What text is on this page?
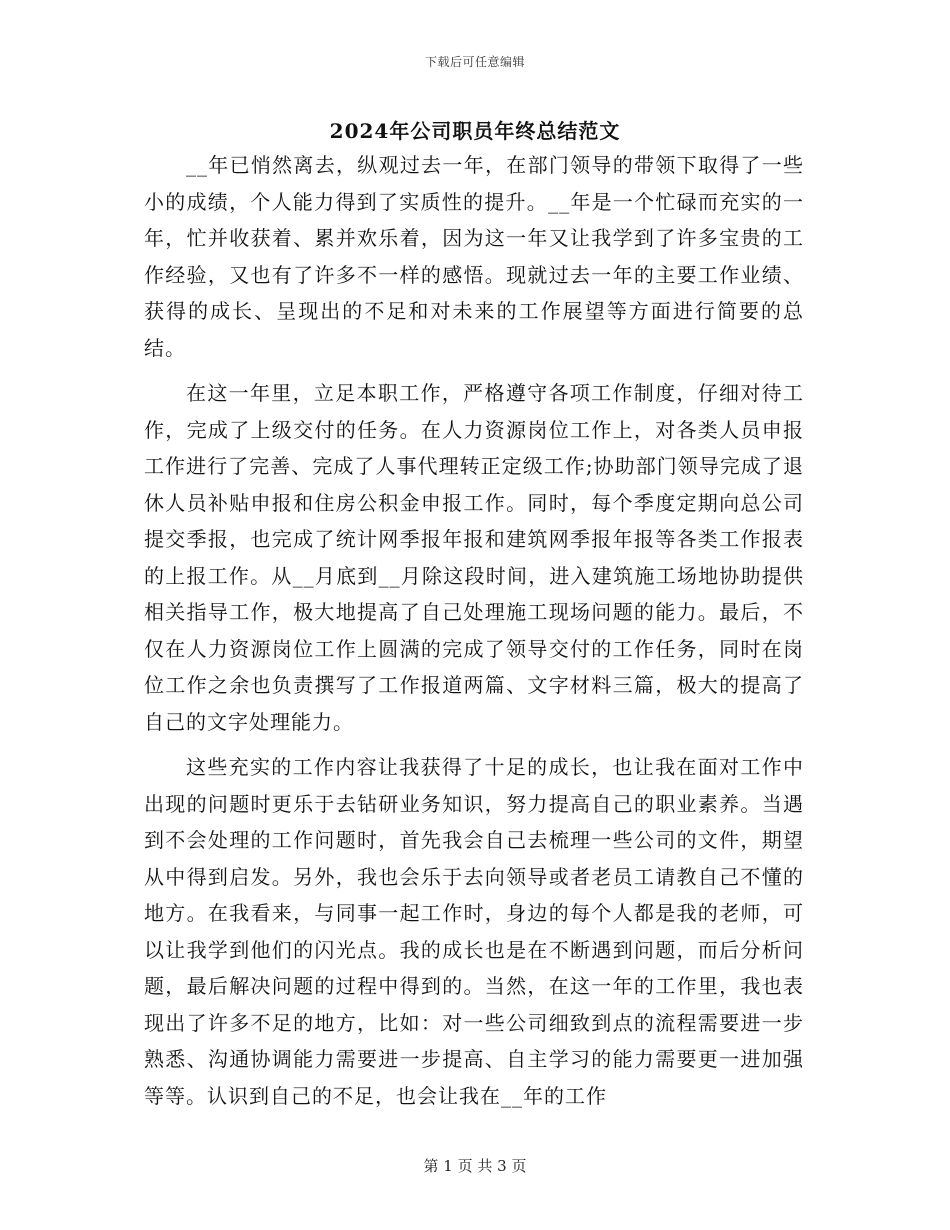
下载后可任意编辑
2024年公司职员年终总结范文

__年已悄然离去，纵观过去一年，在部门领导的带领下取得了一些小的成绩，个人能力得到了实质性的提升。__年是一个忙碌而充实的一年，忙并收获着、累并欢乐着，因为这一年又让我学到了许多宝贵的工作经验，又也有了许多不一样的感悟。现就过去一年的主要工作业绩、获得的成长、呈现出的不足和对未来的工作展望等方面进行简要的总结。

在这一年里，立足本职工作，严格遵守各项工作制度，仔细对待工作，完成了上级交付的任务。在人力资源岗位工作上，对各类人员申报工作进行了完善、完成了人事代理转正定级工作;协助部门领导完成了退休人员补贴申报和住房公积金申报工作。同时，每个季度定期向总公司提交季报，也完成了统计网季报年报和建筑网季报年报等各类工作报表的上报工作。从__月底到__月除这段时间，进入建筑施工场地协助提供相关指导工作，极大地提高了自己处理施工现场问题的能力。最后，不仅在人力资源岗位工作上圆满的完成了领导交付的工作任务，同时在岗位工作之余也负责撰写了工作报道两篇、文字材料三篇，极大的提高了自己的文字处理能力。

这些充实的工作内容让我获得了十足的成长，也让我在面对工作中出现的问题时更乐于去钻研业务知识，努力提高自己的职业素养。当遇到不会处理的工作问题时，首先我会自己去梳理一些公司的文件，期望从中得到启发。另外，我也会乐于去向领导或者老员工请教自己不懂的地方。在我看来，与同事一起工作时，身边的每个人都是我的老师，可以让我学到他们的闪光点。我的成长也是在不断遇到问题，而后分析问题，最后解决问题的过程中得到的。当然，在这一年的工作里，我也表现出了许多不足的地方，比如：对一些公司细致到点的流程需要进一步熟悉、沟通协调能力需要进一步提高、自主学习的能力需要更一进加强等等。认识到自己的不足，也会让我在__年的工作

第 1 页 共 3 页
